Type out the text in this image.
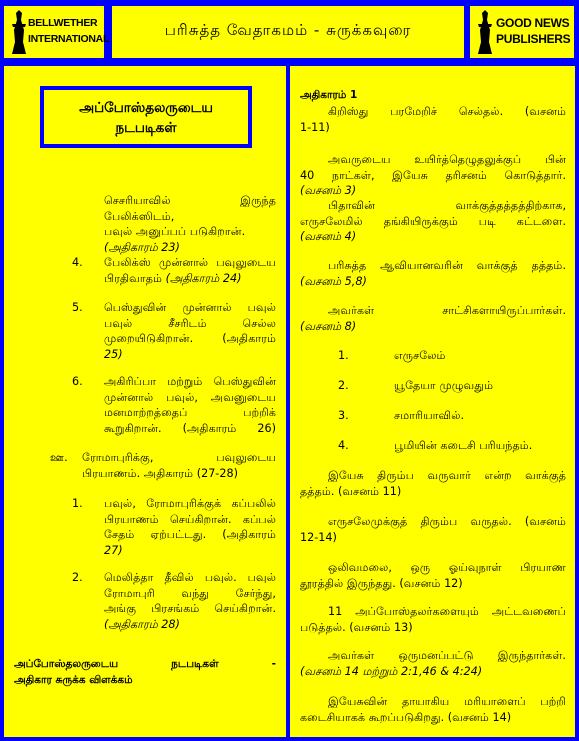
BELLWETHER
INTERNATIONAL	பரிசுத்த வேதாகமம் - சுருக்கவுரை	GOOD NEWS
PUBLISHERS
அப்போஸ்தலருடைய
நடபடிகள்
செசரியாவில் இருந்த பேலிக்ஸிடம்,
பவுல் அனுப்பப் படுகிறான்.
(அதிகாரம் 23)
4. பேலிக்ஸ் முன்னால் பவுலுடைய
பிரதிவாதம் (அதிகாரம் 24)
5. பெஸ்துவின் முன்னால் பவுல்
பவுல் சீசரிடம் செல்ல
முறையிடுகிறான். (அதிகாரம்
25)
6. அகிரிப்பா மற்றும் பெஸ்துவின்
முன்னால் பவுல், அவனுடைய
மனமாற்றத்தைப் பற்றிக்
கூறுகிறான். (அதிகாரம் 26)
ஊ. ரோமாபுரிக்கு, பவுலுடைய
பிரயாணம். அதிகாரம் (27-28)
1. பவுல், ரோமாபுரிக்குக் கப்பலில்
பிரயாணம் செய்கிறான். கப்பல்
சேதம் ஏற்பட்டது. (அதிகாரம்
27)
2. மெலித்தா தீவில் பவுல். பவுல்
ரோமாபுரி வந்து சேர்ந்து,
அங்கு பிரசங்கம் செய்கிறான்.
(அதிகாரம் 28)
அப்போஸ்தலருடைய நடபடிகள் -
அதிகார சுருக்க விளக்கம்
அதிகாரம் 1
கிறிஸ்து பரமேறிச் செல்தல். (வசனம்
1-11)
அவருடைய உயிர்த்தெழுதலுக்குப் பின்
40 நாட்கள், இயேசு தரிசனம் கொடுத்தார்.
(வசனம் 3)
பிதாவின் வாக்குத்தத்தத்திற்காக,
எருசலேமில் தங்கியிருக்கும் படி கட்டளை.
(வசனம் 4)
பரிசுத்த ஆவியானவரின் வாக்குத் தத்தம்.
(வசனம் 5,8)
அவர்கள் சாட்சிகளாயிருப்பார்கள்.
(வசனம் 8)
1.	எருசலேம்
2.	யூதேயா முழுவதும்
3.	சமாரியாவில்.
4.	பூமியின் கடைசி பரியந்தம்.
இயேசு திரும்ப வருவார் என்ற வாக்குத்
தத்தம். (வசனம் 11)
எருசலேமுக்குத் திரும்ப வருதல். (வசனம்
12-14)
ஒலிவமலை, ஒரு ஓய்வுநாள் பிரயாண
தூரத்தில் இருந்தது. (வசனம் 12)
11 அப்போஸ்தலர்களையும் அட்டவணைப்
படுத்தல். (வசனம் 13)
அவர்கள் ஒருமனப்பட்டு இருந்தார்கள்.
(வசனம் 14 மற்றும் 2:1,46 & 4:24)
இயேசுவின் தாயாகிய மரியாளைப் பற்றி
கடைசியாகக் கூறப்படுகிறது. (வசனம் 14)
